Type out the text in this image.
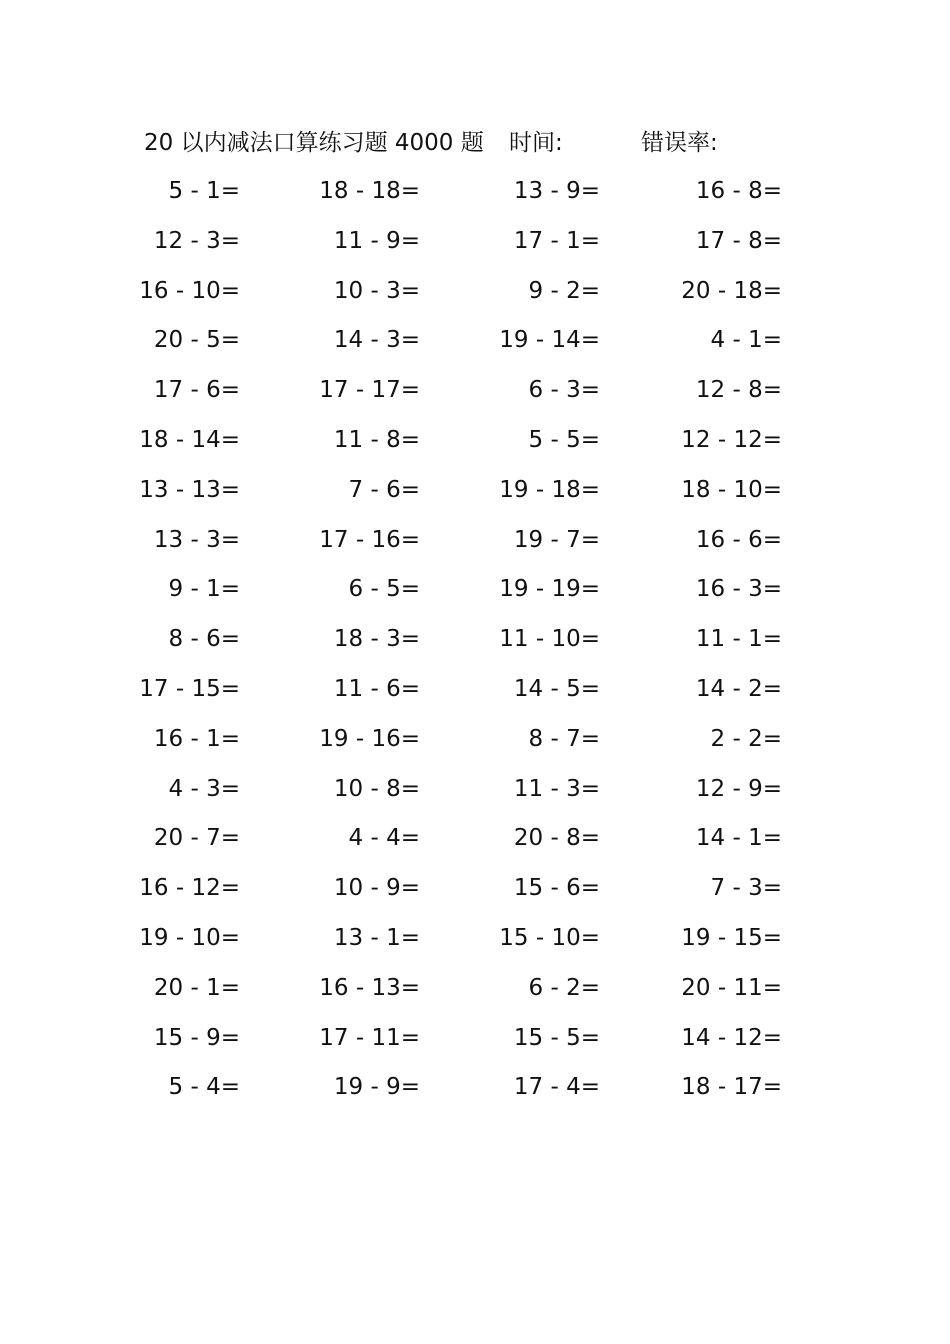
20 以内减法口算练习题 4000 题 时间:	错误率:
5 - 1=	18 - 18=	13 - 9=	16 - 8=
12 - 3=	11 - 9=	17 - 1=	17 - 8=
16 - 10=	10 - 3=	9 - 2=	20 - 18=
20 - 5=	14 - 3=	19 - 14=	4 - 1=
17 - 6=	17 - 17=	6 - 3=	12 - 8=
18 - 14=	11 - 8=	5 - 5=	12 - 12=
13 - 13=	7 - 6=	19 - 18=	18 - 10=
13 - 3=	17 - 16=	19 - 7=	16 - 6=
9 - 1=	6 - 5=	19 - 19=	16 - 3=
8 - 6=	18 - 3=	11 - 10=	11 - 1=
17 - 15=	11 - 6=	14 - 5=	14 - 2=
16 - 1=	19 - 16=	8 - 7=	2 - 2=
4 - 3=	10 - 8=	11 - 3=	12 - 9=
20 - 7=	4 - 4=	20 - 8=	14 - 1=
16 - 12=	10 - 9=	15 - 6=	7 - 3=
19 - 10=	13 - 1=	15 - 10=	19 - 15=
20 - 1=	16 - 13=	6 - 2=	20 - 11=
15 - 9=	17 - 11=	15 - 5=	14 - 12=
5 - 4=	19 - 9=	17 - 4=	18 - 17=
